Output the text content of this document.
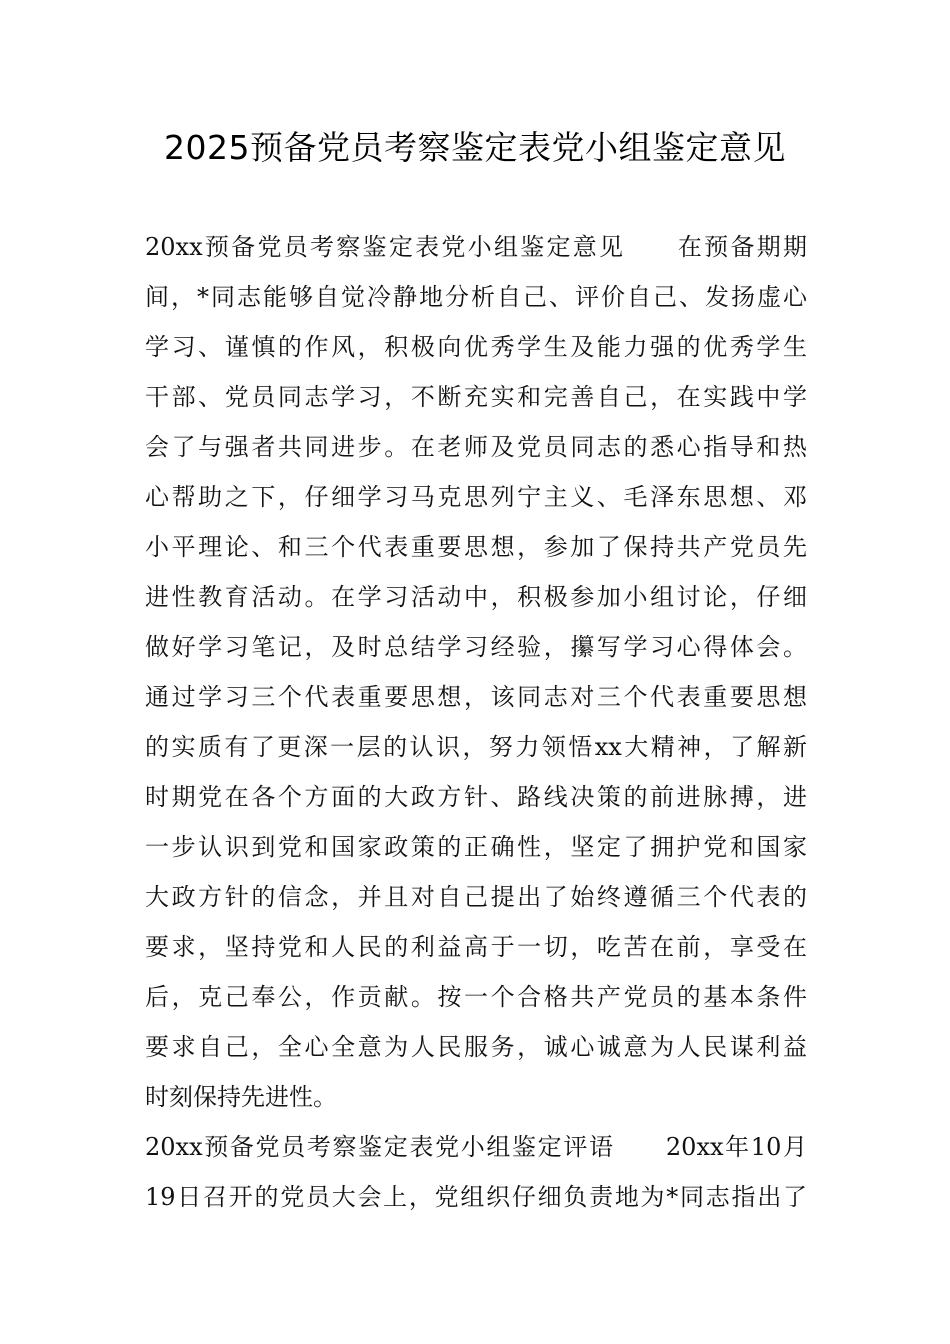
2025预备党员考察鉴定表党小组鉴定意见
20xx预备党员考察鉴定表党小组鉴定意见　　在预备期期
间，*同志能够自觉冷静地分析自己、评价自己、发扬虚心
学习、谨慎的作风，积极向优秀学生及能力强的优秀学生
干部、党员同志学习，不断充实和完善自己，在实践中学
会了与强者共同进步。在老师及党员同志的悉心指导和热
心帮助之下，仔细学习马克思列宁主义、毛泽东思想、邓
小平理论、和三个代表重要思想，参加了保持共产党员先
进性教育活动。在学习活动中，积极参加小组讨论，仔细
做好学习笔记，及时总结学习经验，攥写学习心得体会。
通过学习三个代表重要思想，该同志对三个代表重要思想
的实质有了更深一层的认识，努力领悟xx大精神，了解新
时期党在各个方面的大政方针、路线决策的前进脉搏，进
一步认识到党和国家政策的正确性，坚定了拥护党和国家
大政方针的信念，并且对自己提出了始终遵循三个代表的
要求，坚持党和人民的利益高于一切，吃苦在前，享受在
后，克己奉公，作贡献。按一个合格共产党员的基本条件
要求自己，全心全意为人民服务，诚心诚意为人民谋利益
时刻保持先进性。
20xx预备党员考察鉴定表党小组鉴定评语　　20xx年10月
19日召开的党员大会上，党组织仔细负责地为*同志指出了
